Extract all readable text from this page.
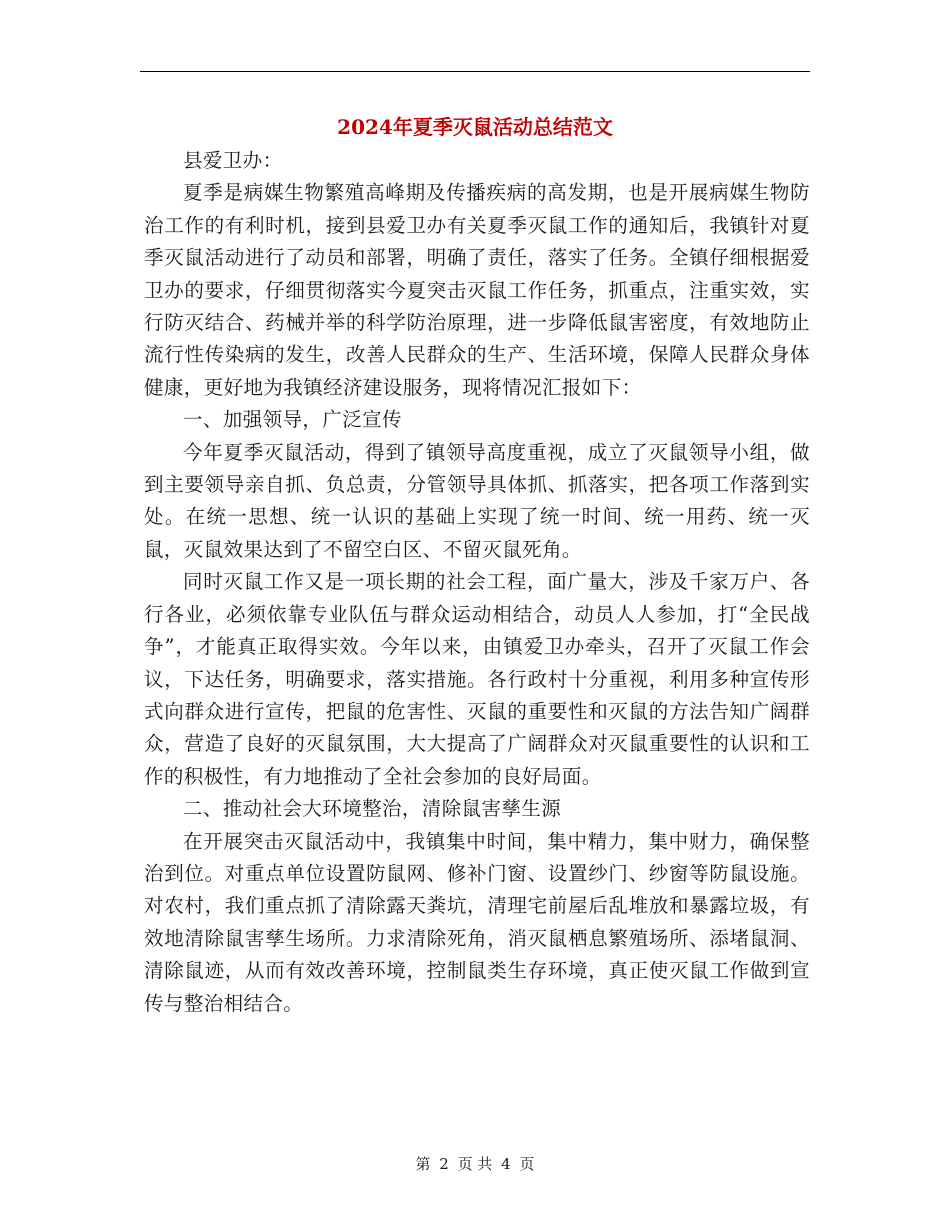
2024年夏季灭鼠活动总结范文

县爱卫办：

夏季是病媒生物繁殖高峰期及传播疾病的高发期，也是开展病媒生物防治工作的有利时机，接到县爱卫办有关夏季灭鼠工作的通知后，我镇针对夏季灭鼠活动进行了动员和部署，明确了责任，落实了任务。全镇仔细根据爱卫办的要求，仔细贯彻落实今夏突击灭鼠工作任务，抓重点，注重实效，实行防灭结合、药械并举的科学防治原理，进一步降低鼠害密度，有效地防止流行性传染病的发生，改善人民群众的生产、生活环境，保障人民群众身体健康，更好地为我镇经济建设服务，现将情况汇报如下：

一、加强领导，广泛宣传

今年夏季灭鼠活动，得到了镇领导高度重视，成立了灭鼠领导小组，做到主要领导亲自抓、负总责，分管领导具体抓、抓落实，把各项工作落到实处。在统一思想、统一认识的基础上实现了统一时间、统一用药、统一灭鼠，灭鼠效果达到了不留空白区、不留灭鼠死角。

同时灭鼠工作又是一项长期的社会工程，面广量大，涉及千家万户、各行各业，必须依靠专业队伍与群众运动相结合，动员人人参加，打“全民战争”，才能真正取得实效。今年以来，由镇爱卫办牵头，召开了灭鼠工作会议，下达任务，明确要求，落实措施。各行政村十分重视，利用多种宣传形式向群众进行宣传，把鼠的危害性、灭鼠的重要性和灭鼠的方法告知广阔群众，营造了良好的灭鼠氛围，大大提高了广阔群众对灭鼠重要性的认识和工作的积极性，有力地推动了全社会参加的良好局面。

二、推动社会大环境整治，清除鼠害孳生源

在开展突击灭鼠活动中，我镇集中时间，集中精力，集中财力，确保整治到位。对重点单位设置防鼠网、修补门窗、设置纱门、纱窗等防鼠设施。对农村，我们重点抓了清除露天粪坑，清理宅前屋后乱堆放和暴露垃圾，有效地清除鼠害孳生场所。力求清除死角，消灭鼠栖息繁殖场所、添堵鼠洞、清除鼠迹，从而有效改善环境，控制鼠类生存环境，真正使灭鼠工作做到宣传与整治相结合。

第 2 页 共 4 页
